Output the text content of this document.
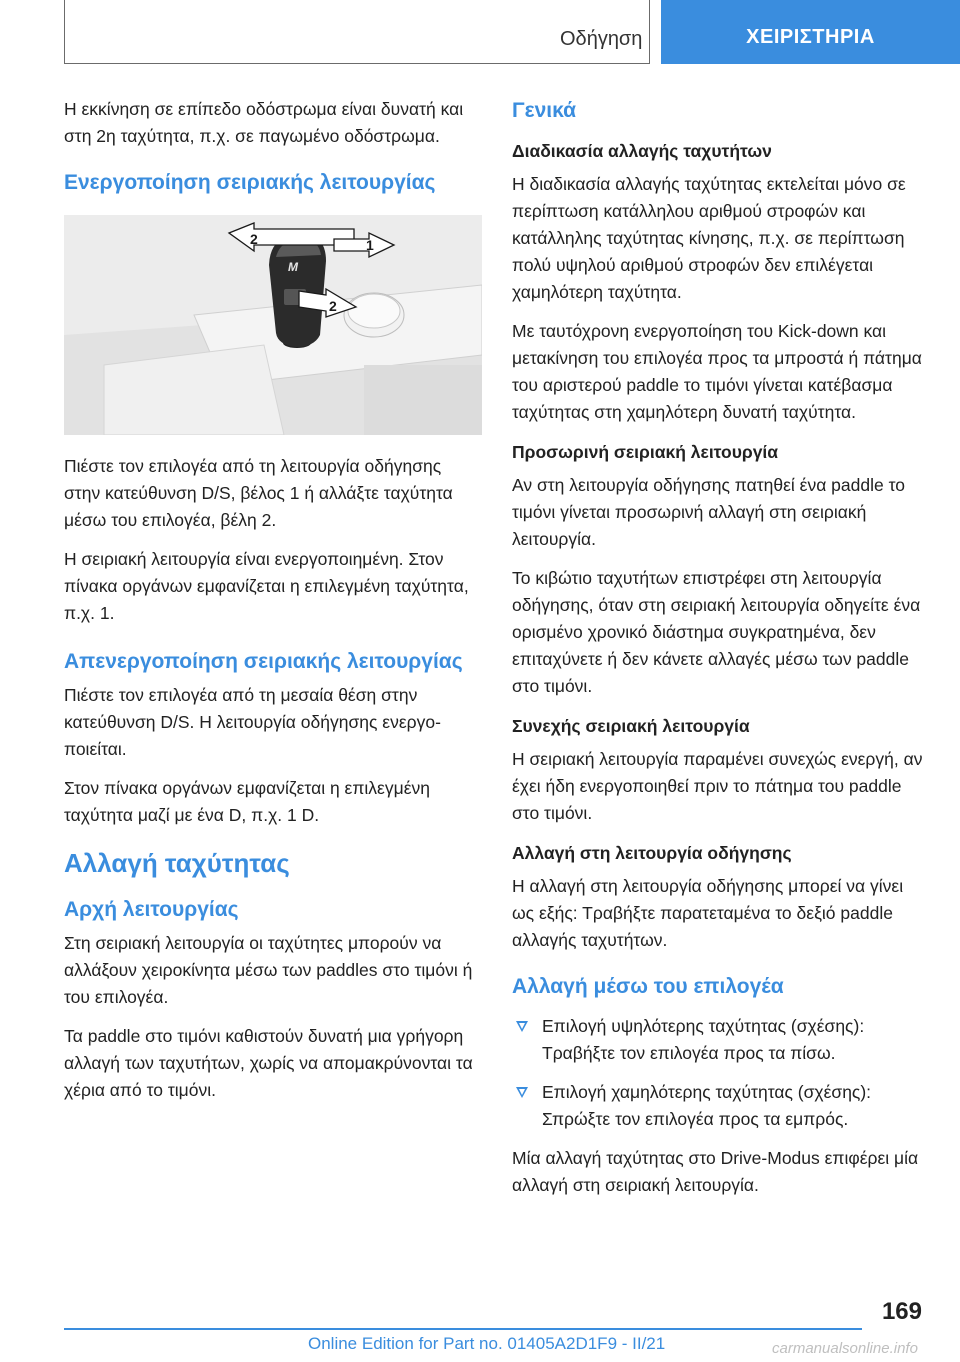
Οδήγηση	ΧΕΙΡΙΣΤΗΡΙΑ

Η εκκίνηση σε επίπεδο οδόστρωμα είναι δυνατή και στη 2η ταχύτητα, π.χ. σε παγωμένο οδόστρωμα.

Ενεργοποίηση σειριακής λειτουργίας
M
2	1
2

Πιέστε τον επιλογέα από τη λειτουργία οδήγησης στην κατεύθυνση D/S, βέλος 1 ή αλλάξτε ταχύτητα μέσω του επιλογέα, βέλη 2.

Η σειριακή λειτουργία είναι ενεργοποιημένη. Στον πίνακα οργάνων εμφανίζεται η επιλεγμένη ταχύτητα, π.χ. 1.

Απενεργοποίηση σειριακής λειτουργίας

Πιέστε τον επιλογέα από τη μεσαία θέση στην κατεύθυνση D/S. Η λειτουργία οδήγησης ενεργοποιείται.

Στον πίνακα οργάνων εμφανίζεται η επιλεγμένη ταχύτητα μαζί με ένα D, π.χ. 1 D.

Αλλαγή ταχύτητας
Αρχή λειτουργίας

Στη σειριακή λειτουργία οι ταχύτητες μπορούν να αλλάξουν χειροκίνητα μέσω των paddles στο τιμόνι ή του επιλογέα.

Τα paddle στο τιμόνι καθιστούν δυνατή μια γρήγορη αλλαγή των ταχυτήτων, χωρίς να απομακρύνονται τα χέρια από το τιμόνι.

Γενικά
Διαδικασία αλλαγής ταχυτήτων

Η διαδικασία αλλαγής ταχύτητας εκτελείται μόνο σε περίπτωση κατάλληλου αριθμού στροφών και κατάλληλης ταχύτητας κίνησης, π.χ. σε περίπτωση πολύ υψηλού αριθμού στροφών δεν επιλέγεται χαμηλότερη ταχύτητα.

Με ταυτόχρονη ενεργοποίηση του Kick-down και μετακίνηση του επιλογέα προς τα μπροστά ή πάτημα του αριστερού paddle το τιμόνι γίνεται κατέβασμα ταχύτητας στη χαμηλότερη δυνατή ταχύτητα.

Προσωρινή σειριακή λειτουργία

Αν στη λειτουργία οδήγησης πατηθεί ένα paddle το τιμόνι γίνεται προσωρινή αλλαγή στη σειριακή λειτουργία.

Το κιβώτιο ταχυτήτων επιστρέφει στη λειτουργία οδήγησης, όταν στη σειριακή λειτουργία οδηγείτε ένα ορισμένο χρονικό διάστημα συγκρατημένα, δεν επιταχύνετε ή δεν κάνετε αλλαγές μέσω των paddle στο τιμόνι.

Συνεχής σειριακή λειτουργία

Η σειριακή λειτουργία παραμένει συνεχώς ενεργή, αν έχει ήδη ενεργοποιηθεί πριν το πάτημα του paddle στο τιμόνι.

Αλλαγή στη λειτουργία οδήγησης

Η αλλαγή στη λειτουργία οδήγησης μπορεί να γίνει ως εξής: Τραβήξτε παρατεταμένα το δεξιό paddle αλλαγής ταχυτήτων.

Αλλαγή μέσω του επιλογέα
Επιλογή υψηλότερης ταχύτητας (σχέσης): Τραβήξτε τον επιλογέα προς τα πίσω.
Επιλογή χαμηλότερης ταχύτητας (σχέσης): Σπρώξτε τον επιλογέα προς τα εμπρός.

Μία αλλαγή ταχύτητας στο Drive-Modus επιφέρει μία αλλαγή στη σειριακή λειτουργία.

169
Online Edition for Part no. 01405A2D1F9 - II/21	carmanualsonline.info
